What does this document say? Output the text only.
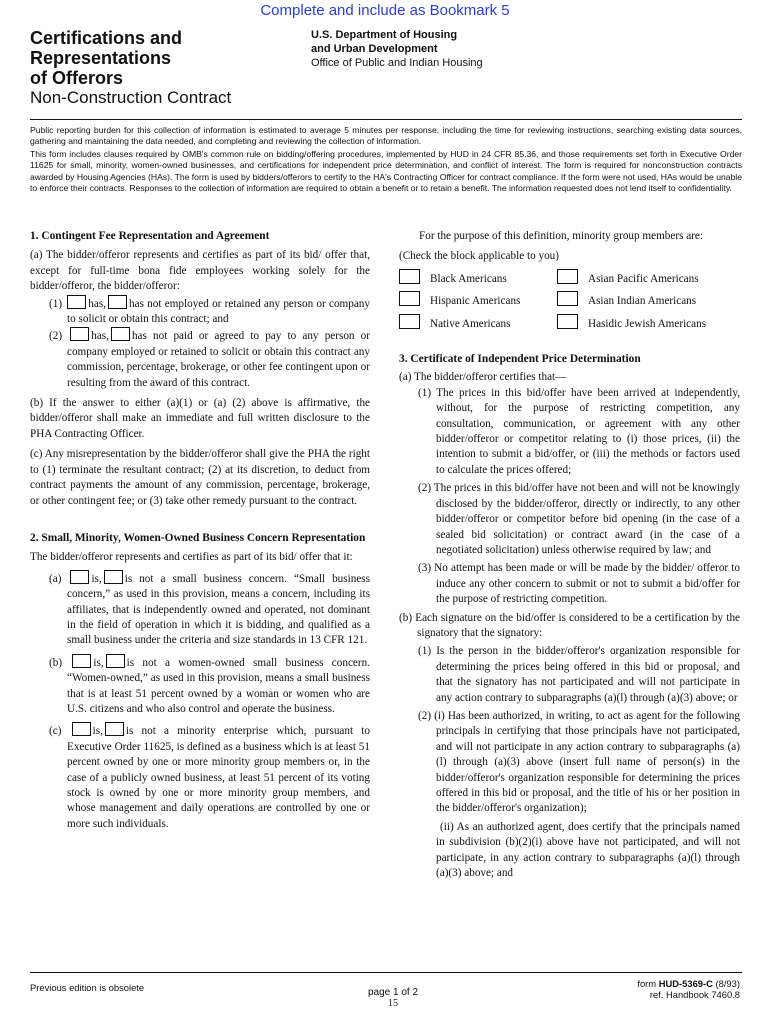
Complete and include as Bookmark 5
Certifications and
Representations
of Offerors
Non-Construction Contract
U.S. Department of Housing
and Urban Development
Office of Public and Indian Housing

Public reporting burden for this collection of information is estimated to average 5 minutes per response, including the time for reviewing instructions, searching existing data sources, gathering and maintaining the data needed, and completing and reviewing the collection of information.

This form includes clauses required by OMB's common rule on bidding/offering procedures, implemented by HUD in 24 CFR 85.36, and those requirements set forth in Executive Order 11625 for small, minority, women-owned businesses, and certifications for independent price determination, and conflict of interest. The form is required for nonconstruction contracts awarded by Housing Agencies (HAs). The form is used by bidders/offerors to certify to the HA's Contracting Officer for contract compliance. If the form were not used, HAs would be unable to enforce their contracts. Responses to the collection of information are required to obtain a benefit or to retain a benefit. The information requested does not lend itself to confidentiality.

1. Contingent Fee Representation and Agreement

(a) The bidder/offeror represents and certifies as part of its bid/ offer that, except for full-time bona fide employees working solely for the bidder/offeror, the bidder/offeror:

(1) has, has not employed or retained any person or company to solicit or obtain this contract; and

(2)	has, has not paid or agreed to pay to any person or company employed or retained to solicit or obtain this contract any commission, percentage, brokerage, or other fee contingent upon or resulting from the award of this contract.

(b) If the answer to either (a)(1) or (a) (2) above is affirmative, the bidder/offeror shall make an immediate and full written disclosure to the PHA Contracting Officer.

(c) Any misrepresentation by the bidder/offeror shall give the PHA the right to (1) terminate the resultant contract; (2) at its discretion, to deduct from contract payments the amount of any commission, percentage, brokerage, or other contingent fee; or (3) take other remedy pursuant to the contract.

2. Small, Minority, Women-Owned Business Concern Representation

The bidder/offeror represents and certifies as part of its bid/ offer that it:

(a)	is, is not a small business concern. “Small business concern,” as used in this provision, means a concern, including its affiliates, that is independently owned and operated, not dominant in the field of operation in which it is bidding, and qualified as a small business under the criteria and size standards in 13 CFR 121.

(b)	is, is not a women-owned small business concern. “Women-owned,” as used in this provision, means a small business that is at least 51 percent owned by a woman or women who are U.S. citizens and who also control and operate the business.

(c)	is, is not a minority enterprise which, pursuant to Executive Order 11625, is defined as a business which is at least 51 percent owned by one or more minority group members or, in the case of a publicly owned business, at least 51 percent of its voting stock is owned by one or more minority group members, and whose management and daily operations are controlled by one or more such individuals.

For the purpose of this definition, minority group members are:

(Check the block applicable to you)

Black Americans	Asian Pacific Americans
Hispanic Americans	Asian Indian Americans
Native Americans	Hasidic Jewish Americans
3. Certificate of Independent Price Determination

(a) The bidder/offeror certifies that—

(1) The prices in this bid/offer have been arrived at independently, without, for the purpose of restricting competition, any consultation, communication, or agreement with any other bidder/offeror or competitor relating to (i) those prices, (ii) the intention to submit a bid/offer, or (iii) the methods or factors used to calculate the prices offered;

(2) The prices in this bid/offer have not been and will not be knowingly disclosed by the bidder/offeror, directly or indirectly, to any other bidder/offeror or competitor before bid opening (in the case of a sealed bid solicitation) or contract award (in the case of a negotiated solicitation) unless otherwise required by law; and

(3) No attempt has been made or will be made by the bidder/ offeror to induce any other concern to submit or not to submit a bid/offer for the purpose of restricting competition.

(b) Each signature on the bid/offer is considered to be a certification by the signatory that the signatory:

(1) Is the person in the bidder/offeror's organization responsible for determining the prices being offered in this bid or proposal, and that the signatory has not participated and will not participate in any action contrary to subparagraphs (a)(l) through (a)(3) above; or

(2) (i) Has been authorized, in writing, to act as agent for the following principals in certifying that those principals have not participated, and will not participate in any action contrary to subparagraphs (a)(l) through (a)(3) above (insert full name of person(s) in the bidder/offeror's organization responsible for determining the prices offered in this bid or proposal, and the title of his or her position in the bidder/offeror's organization);

(ii) As an authorized agent, does certify that the principals named in subdivision (b)(2)(i) above have not participated, and will not participate, in any action contrary to subparagraphs (a)(l) through (a)(3) above; and

Previous edition is obsolete	page 1 of 2
15
form HUD-5369-C (8/93)
ref. Handbook 7460.8
